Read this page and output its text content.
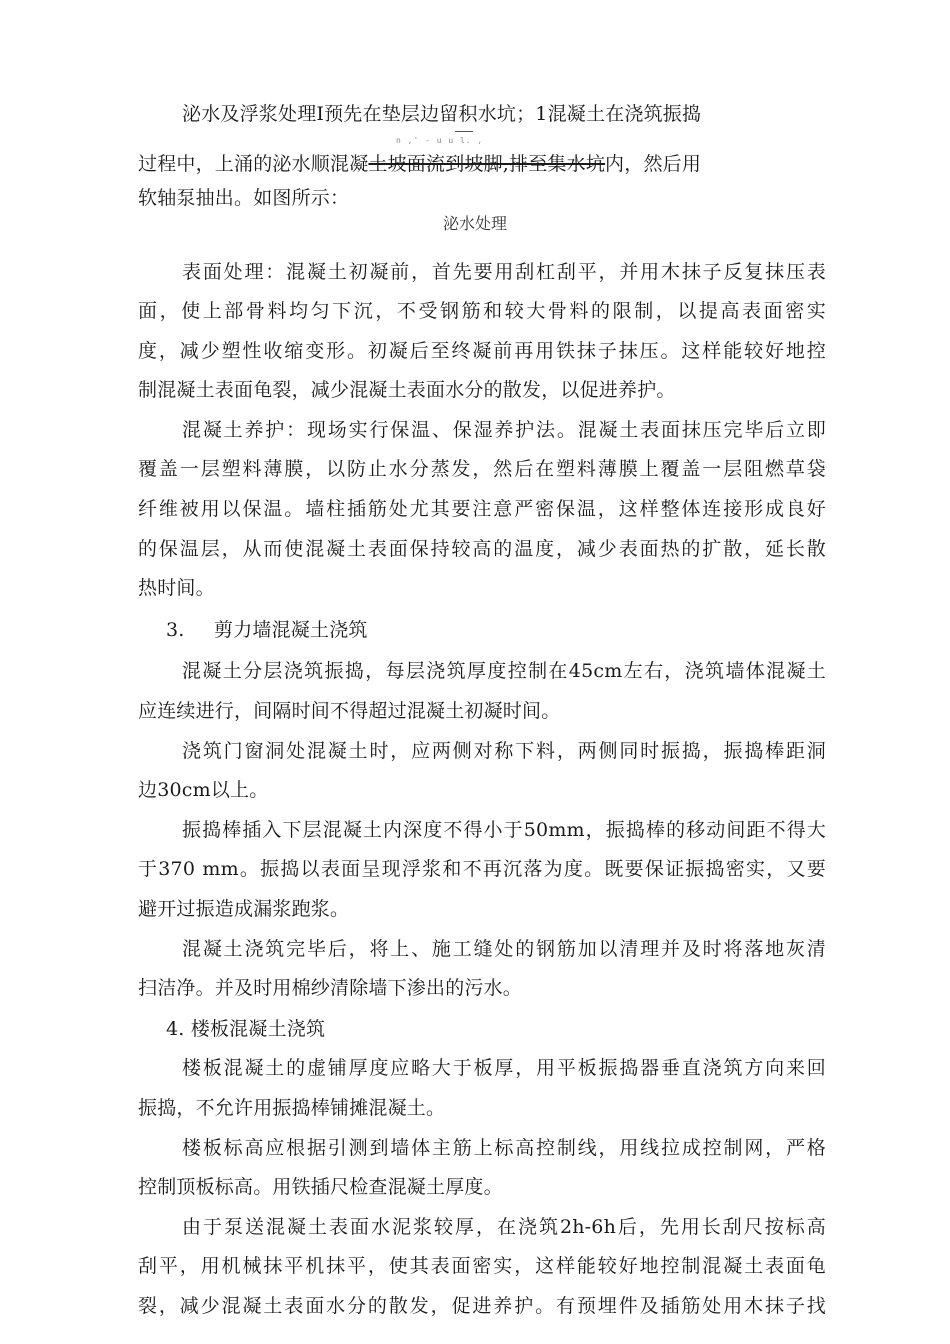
泌水及浮浆处理Ⅰ预先在垫层边留积水坑；1混凝土在浇筑振捣
n ,' - u u l. ,
过程中，上涌的泌水顺混凝土坡面流到坡脚,排至集水坑内，然后用
软轴泵抽出。如图所示：
泌水处理
表面处理：混凝土初凝前，首先要用刮杠刮平，并用木抹子反复抹压表
面，使上部骨料均匀下沉，不受钢筋和较大骨料的限制，以提高表面密实
度，减少塑性收缩变形。初凝后至终凝前再用铁抹子抹压。这样能较好地控
制混凝土表面龟裂，减少混凝土表面水分的散发，以促进养护。
混凝土养护：现场实行保温、保湿养护法。混凝土表面抹压完毕后立即
覆盖一层塑料薄膜，以防止水分蒸发，然后在塑料薄膜上覆盖一层阻燃草袋
纤维被用以保温。墙柱插筋处尤其要注意严密保温，这样整体连接形成良好
的保温层，从而使混凝土表面保持较高的温度，减少表面热的扩散，延长散
热时间。
3. 剪力墙混凝土浇筑
混凝土分层浇筑振捣，每层浇筑厚度控制在45cm左右，浇筑墙体混凝土
应连续进行，间隔时间不得超过混凝土初凝时间。
浇筑门窗洞处混凝土时，应两侧对称下料，两侧同时振捣，振捣棒距洞
边30cm以上。
振捣棒插入下层混凝土内深度不得小于50mm，振捣棒的移动间距不得大
于370 mm。振捣以表面呈现浮浆和不再沉落为度。既要保证振捣密实，又要
避开过振造成漏浆跑浆。
混凝土浇筑完毕后，将上、施工缝处的钢筋加以清理并及时将落地灰清
扫洁净。并及时用棉纱清除墙下渗出的污水。
4. 楼板混凝土浇筑
楼板混凝土的虚铺厚度应略大于板厚，用平板振捣器垂直浇筑方向来回
振捣，不允许用振捣棒铺摊混凝土。
楼板标高应根据引测到墙体主筋上标高控制线，用线拉成控制网，严格
控制顶板标高。用铁插尺检查混凝土厚度。
由于泵送混凝土表面水泥浆较厚，在浇筑2h-6h后，先用长刮尺按标高
刮平，用机械抹平机抹平，使其表面密实，这样能较好地控制混凝土表面龟
裂，减少混凝土表面水分的散发，促进养护。有预埋件及插筋处用木抹子找
